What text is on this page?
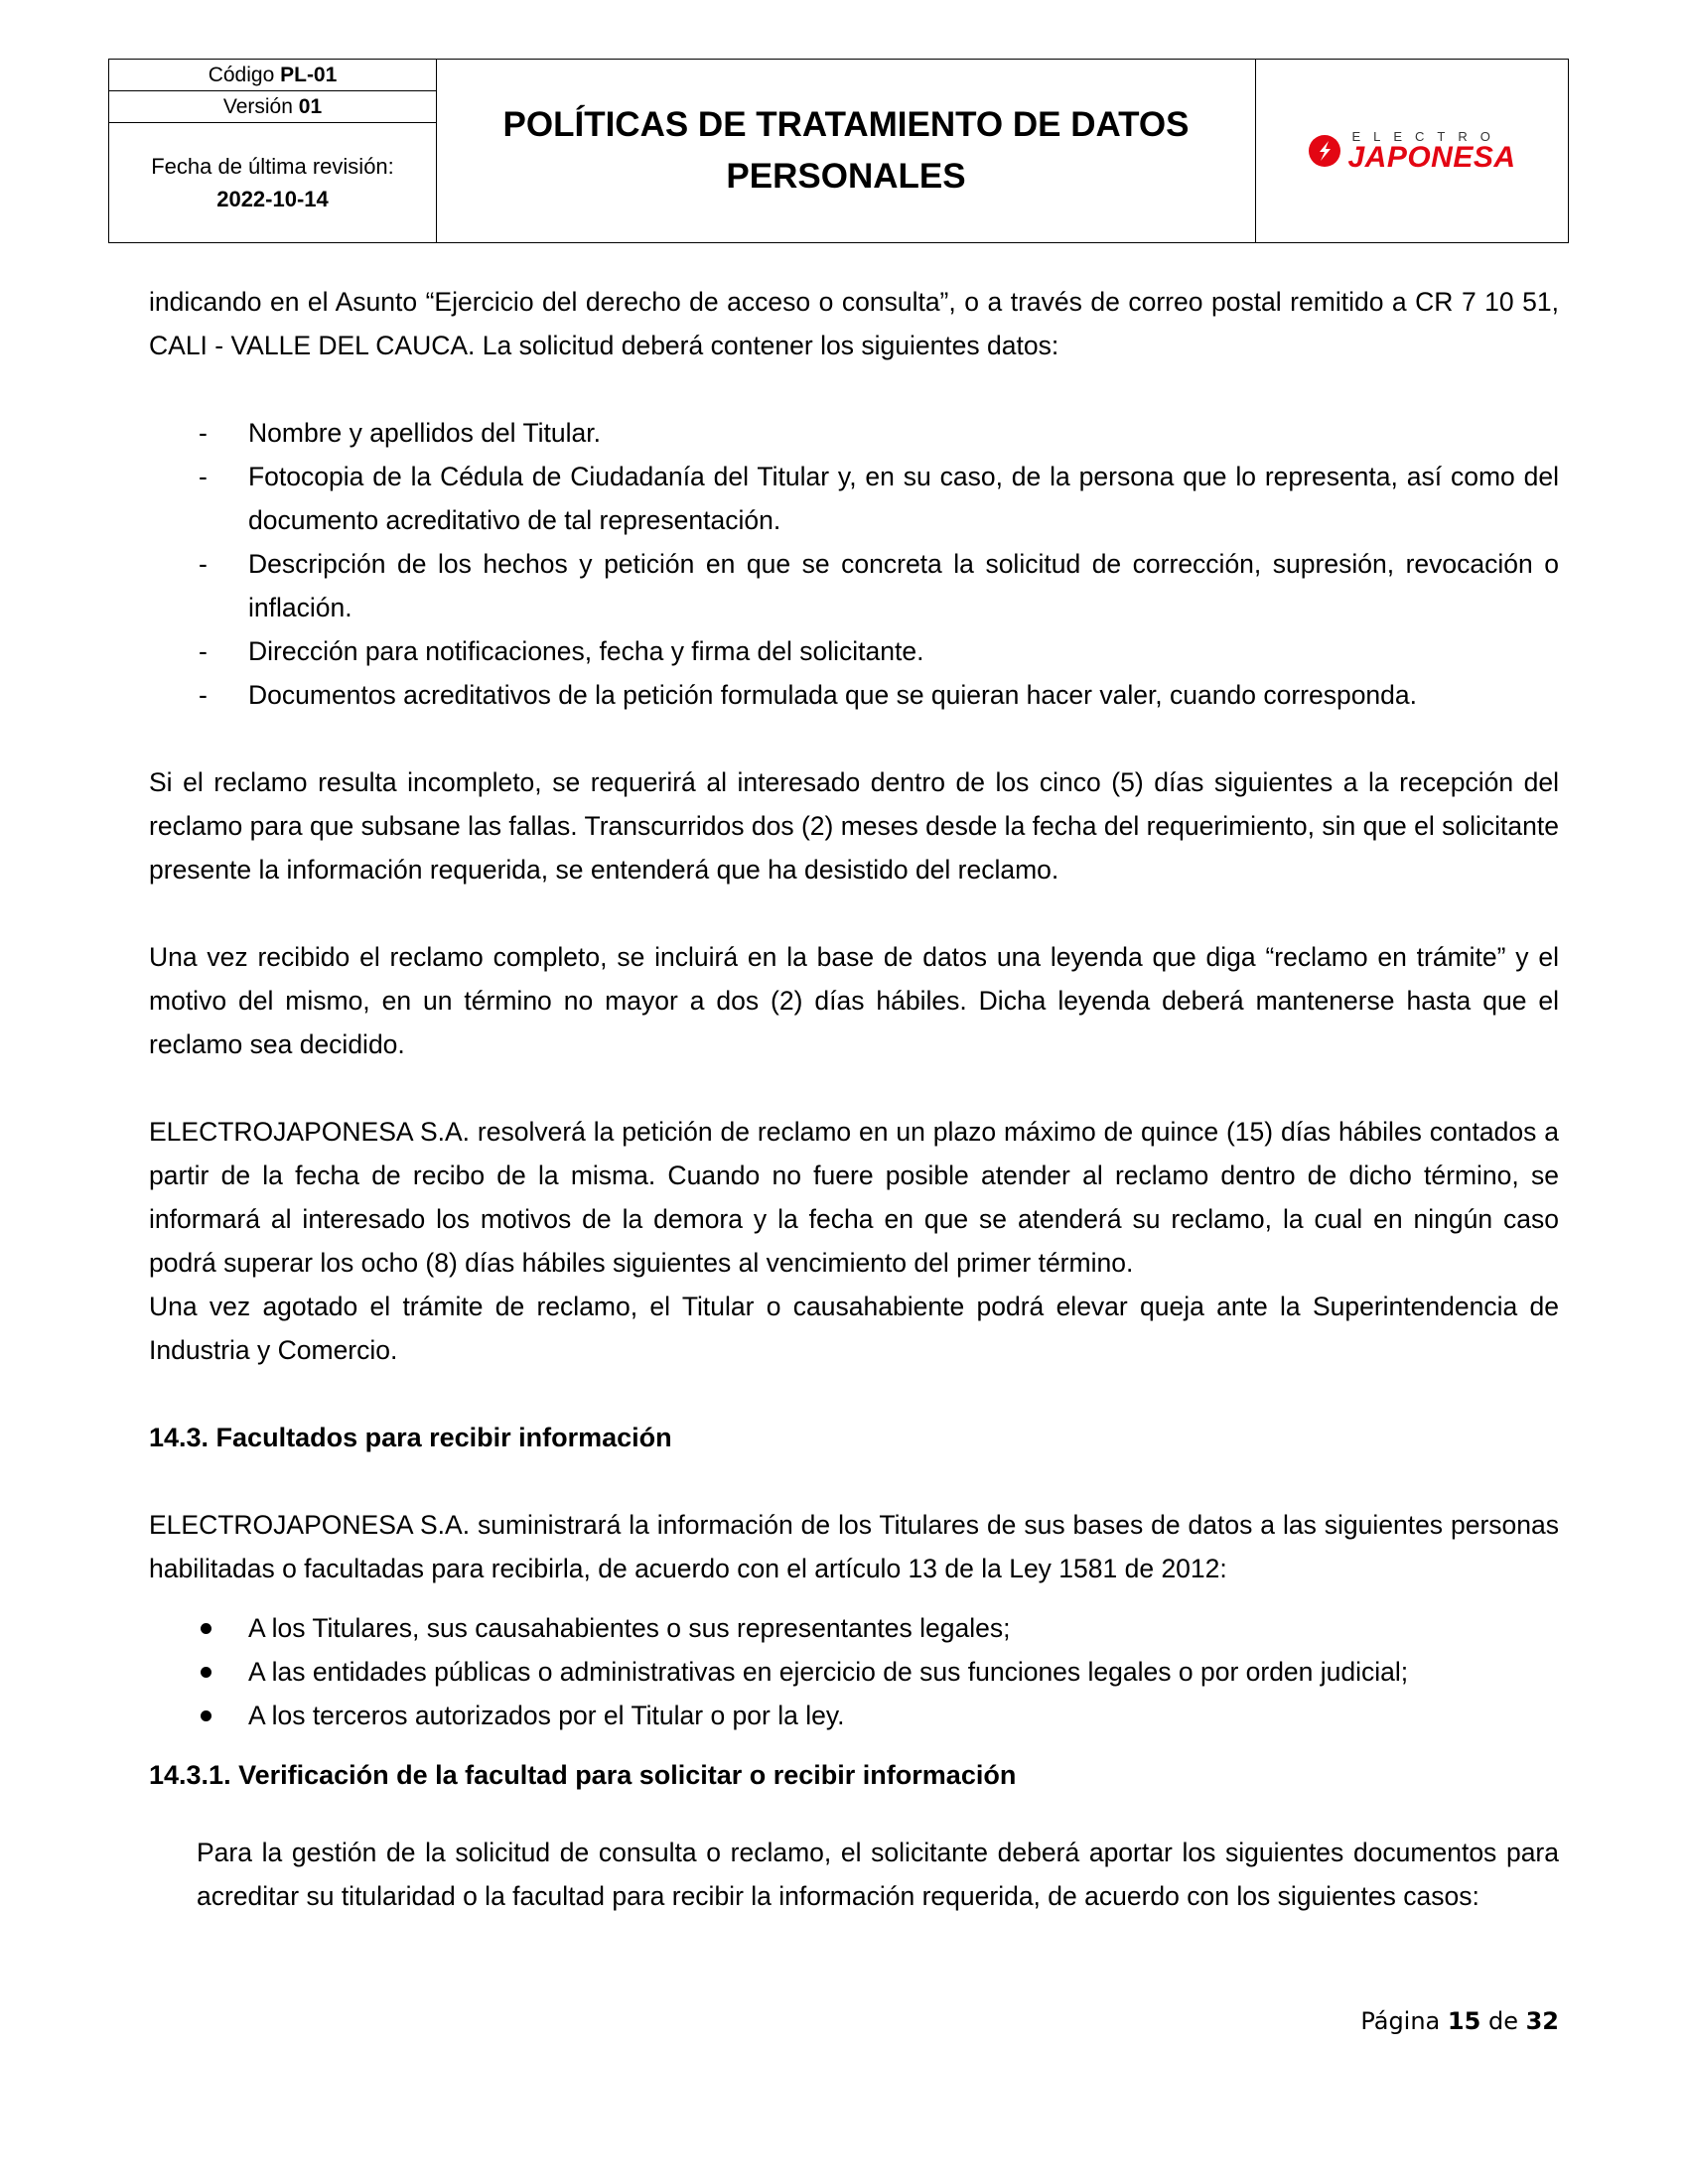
Código PL-01
Versión 01
Fecha de última revisión:
2022-10-14
POLÍTICAS DE TRATAMIENTO DE DATOS PERSONALES
ELECTRO
JAPONESA

indicando en el Asunto “Ejercicio del derecho de acceso o consulta”, o a través de correo postal remitido a CR 7 10 51, CALI - VALLE DEL CAUCA. La solicitud deberá contener los siguientes datos:

- Nombre y apellidos del Titular.
- Fotocopia de la Cédula de Ciudadanía del Titular y, en su caso, de la persona que lo representa, así como del documento acreditativo de tal representación.
- Descripción de los hechos y petición en que se concreta la solicitud de corrección, supresión, revocación o inflación.
- Dirección para notificaciones, fecha y firma del solicitante.
- Documentos acreditativos de la petición formulada que se quieran hacer valer, cuando corresponda.

Si el reclamo resulta incompleto, se requerirá al interesado dentro de los cinco (5) días siguientes a la recepción del reclamo para que subsane las fallas. Transcurridos dos (2) meses desde la fecha del requerimiento, sin que el solicitante presente la información requerida, se entenderá que ha desistido del reclamo.

Una vez recibido el reclamo completo, se incluirá en la base de datos una leyenda que diga “reclamo en trámite” y el motivo del mismo, en un término no mayor a dos (2) días hábiles. Dicha leyenda deberá mantenerse hasta que el reclamo sea decidido.

ELECTROJAPONESA S.A. resolverá la petición de reclamo en un plazo máximo de quince (15) días hábiles contados a partir de la fecha de recibo de la misma. Cuando no fuere posible atender al reclamo dentro de dicho término, se informará al interesado los motivos de la demora y la fecha en que se atenderá su reclamo, la cual en ningún caso podrá superar los ocho (8) días hábiles siguientes al vencimiento del primer término.

Una vez agotado el trámite de reclamo, el Titular o causahabiente podrá elevar queja ante la Superintendencia de Industria y Comercio.

14.3. Facultados para recibir información

ELECTROJAPONESA S.A. suministrará la información de los Titulares de sus bases de datos a las siguientes personas habilitadas o facultadas para recibirla, de acuerdo con el artículo 13 de la Ley 1581 de 2012:

A los Titulares, sus causahabientes o sus representantes legales;
A las entidades públicas o administrativas en ejercicio de sus funciones legales o por orden judicial;
A los terceros autorizados por el Titular o por la ley.
14.3.1. Verificación de la facultad para solicitar o recibir información

Para la gestión de la solicitud de consulta o reclamo, el solicitante deberá aportar los siguientes documentos para acreditar su titularidad o la facultad para recibir la información requerida, de acuerdo con los siguientes casos:

Página 15 de 32
